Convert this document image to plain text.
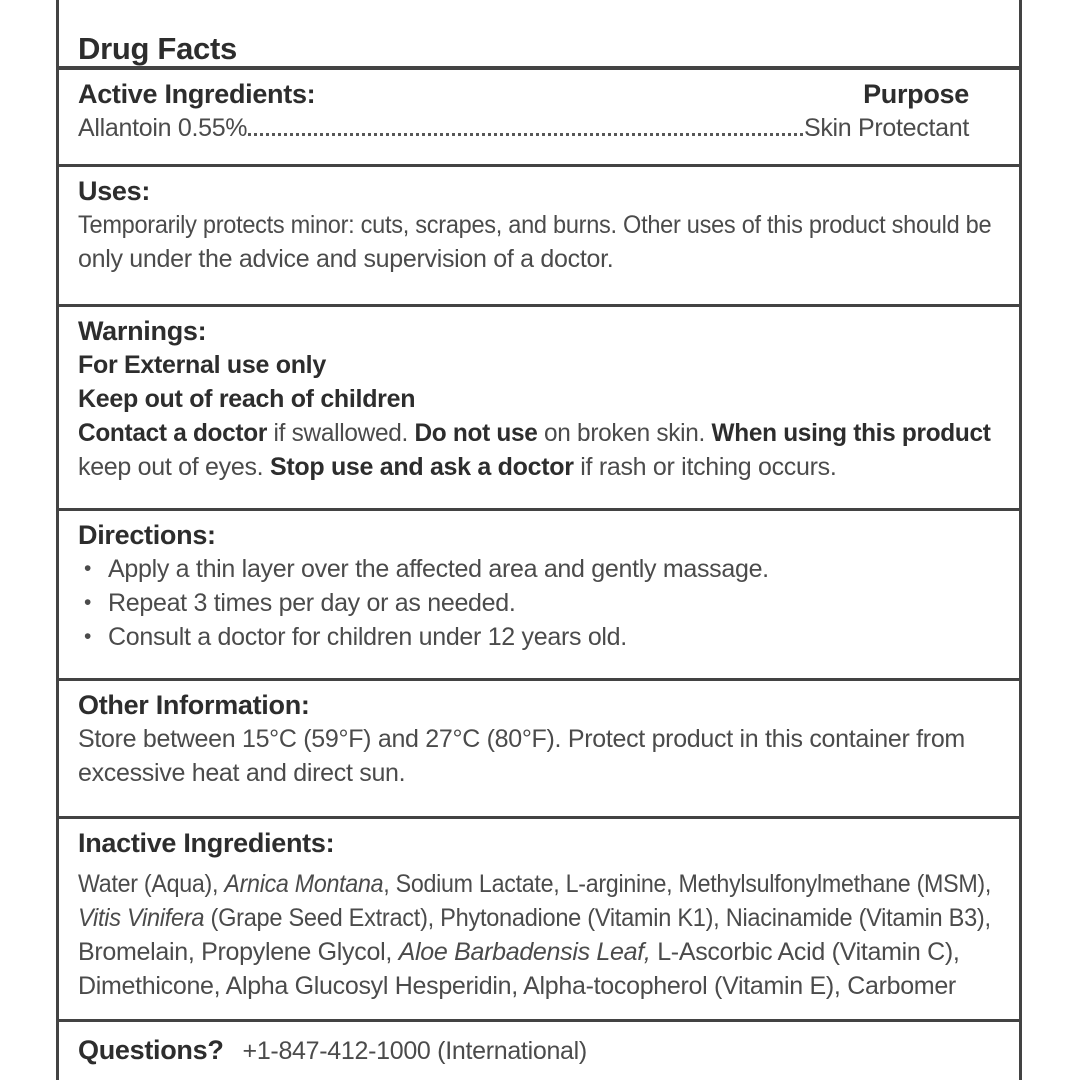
Drug Facts
Active Ingredients:	Purpose
Allantoin 0.55%	Skin Protectant
Uses:
Temporarily protects minor: cuts, scrapes, and burns. Other uses of this product should be
only under the advice and supervision of a doctor.
Warnings:
For External use only
Keep out of reach of children
Contact a doctor if swallowed. Do not use on broken skin. When using this product
keep out of eyes. Stop use and ask a doctor if rash or itching occurs.
Directions:
• Apply a thin layer over the affected area and gently massage.
• Repeat 3 times per day or as needed.
• Consult a doctor for children under 12 years old.
Other Information:
Store between 15°C (59°F) and 27°C (80°F). Protect product in this container from
excessive heat and direct sun.
Inactive Ingredients:
Water (Aqua), Arnica Montana, Sodium Lactate, L-arginine, Methylsulfonylmethane (MSM),
Vitis Vinifera (Grape Seed Extract), Phytonadione (Vitamin K1), Niacinamide (Vitamin B3),
Bromelain, Propylene Glycol, Aloe Barbadensis Leaf, L-Ascorbic Acid (Vitamin C),
Dimethicone, Alpha Glucosyl Hesperidin, Alpha-tocopherol (Vitamin E), Carbomer
Questions? +1-847-412-1000 (International)
